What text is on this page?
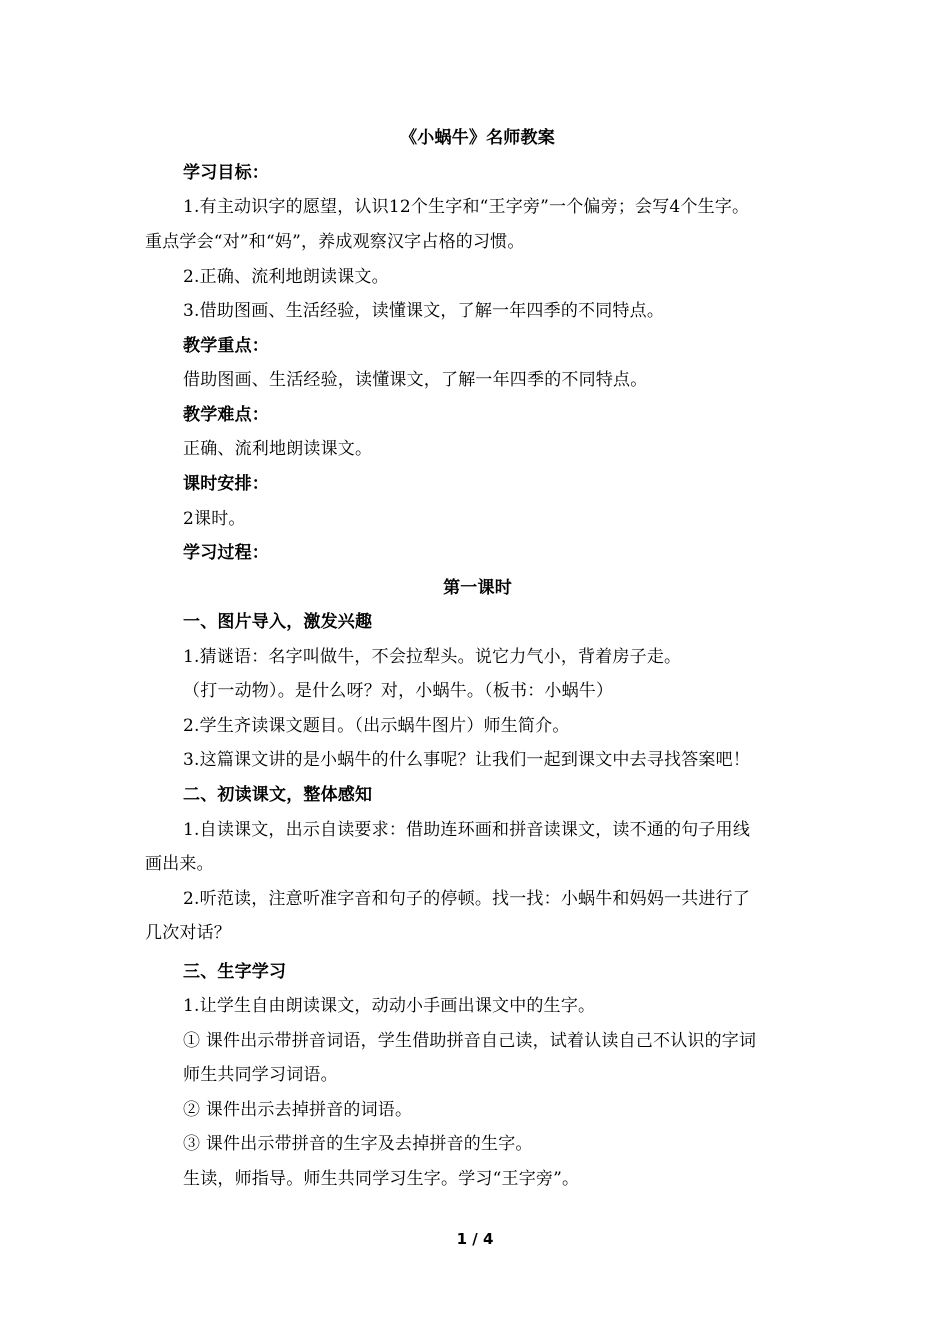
《小蜗牛》名师教案
学习目标：
1.有主动识字的愿望，认识12个生字和“王字旁”一个偏旁；会写4个生字。
重点学会“对”和“妈”，养成观察汉字占格的习惯。
2.正确、流利地朗读课文。
3.借助图画、生活经验，读懂课文，了解一年四季的不同特点。
教学重点：
借助图画、生活经验，读懂课文，了解一年四季的不同特点。
教学难点：
正确、流利地朗读课文。
课时安排：
2课时。
学习过程：
第一课时
一、图片导入，激发兴趣
1.猜谜语：名字叫做牛，不会拉犁头。说它力气小，背着房子走。
（打一动物）。是什么呀？对，小蜗牛。（板书：小蜗牛）
2.学生齐读课文题目。（出示蜗牛图片）师生简介。
3.这篇课文讲的是小蜗牛的什么事呢？让我们一起到课文中去寻找答案吧！
二、初读课文，整体感知
1.自读课文，出示自读要求：借助连环画和拼音读课文，读不通的句子用线
画出来。
2.听范读，注意听准字音和句子的停顿。找一找：小蜗牛和妈妈一共进行了
几次对话？
三、生字学习
1.让学生自由朗读课文，动动小手画出课文中的生字。
① 课件出示带拼音词语，学生借助拼音自己读，试着认读自己不认识的字词
师生共同学习词语。
② 课件出示去掉拼音的词语。
③ 课件出示带拼音的生字及去掉拼音的生字。
生读，师指导。师生共同学习生字。学习“王字旁”。
1 / 4
